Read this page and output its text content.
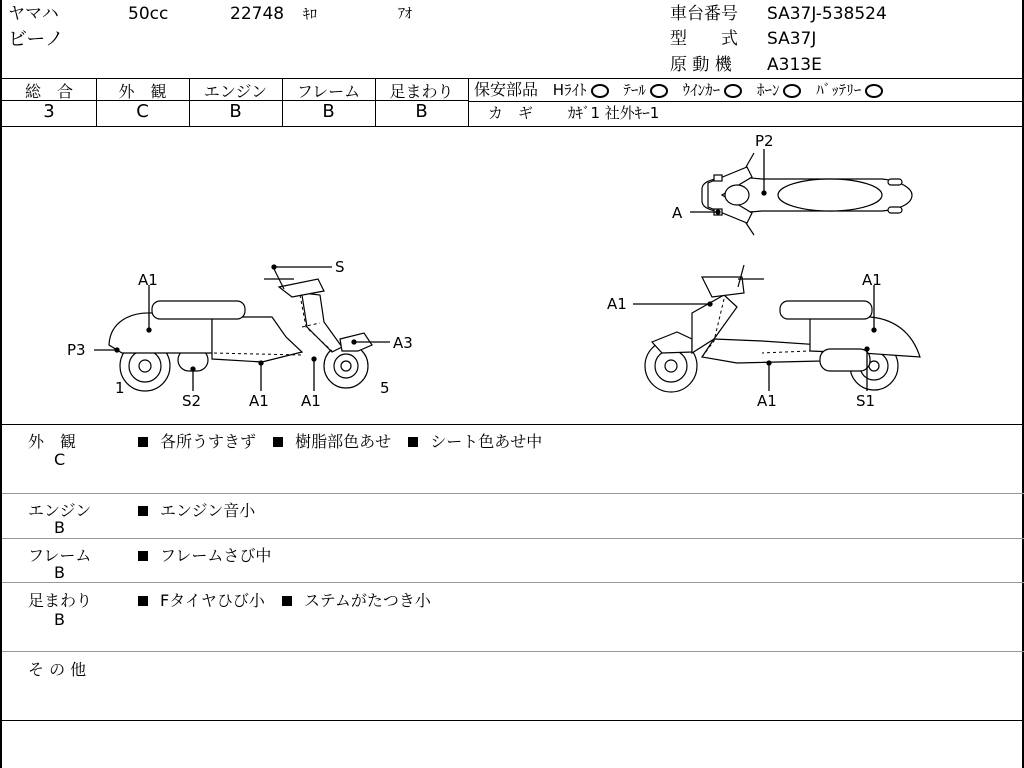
ヤマハ	50cc	22748 ｷﾛ	ｱｵ
ビーノ
車台番号 SA37J-538524
型　　式 SA37J
原 動 機 A313E
総　合	外　観	エンジン	フレーム	足まわり
3	C	B	B	B
保安部品 Hﾗｲﾄ ﾃｰﾙ ｳｲﾝｶｰ ﾎｰﾝ ﾊﾞｯﾃﾘｰ
カ　ギ ｶｷﾞ1 社外ｷｰ1
A1
S
P3	A3
1
S2	A1 A1
5
A1
A1
A1	S1
P2
A
外　観
C
各所うすきず 樹脂部色あせ シート色あせ中
エンジン
B
エンジン音小
フレーム
B
フレームさび中
足まわり
B
Fタイヤひび小 ステムがたつき小
そ の 他
